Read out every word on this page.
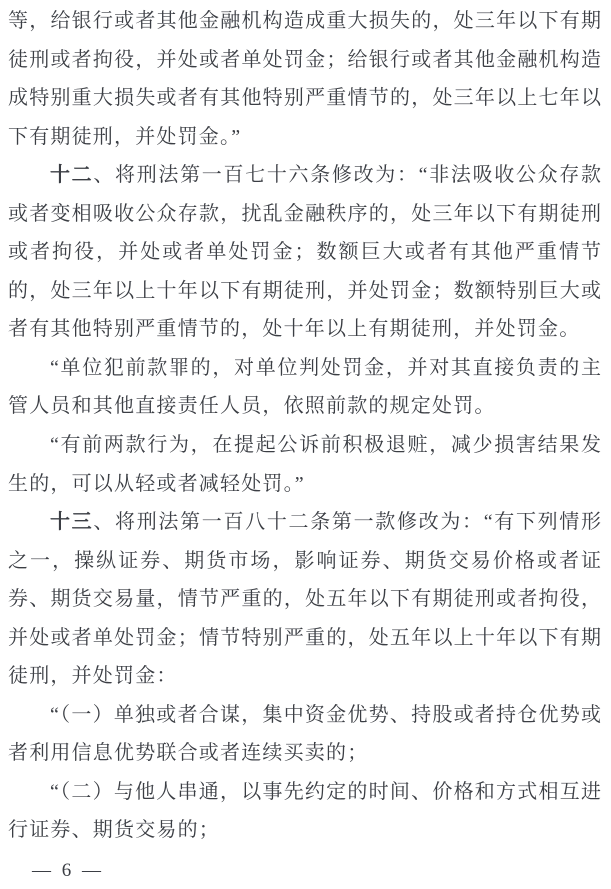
等，给银行或者其他金融机构造成重大损失的，处三年以下有期
徒刑或者拘役，并处或者单处罚金；给银行或者其他金融机构造
成特别重大损失或者有其他特别严重情节的，处三年以上七年以
下有期徒刑，并处罚金。”
十二、将刑法第一百七十六条修改为：“非法吸收公众存款
或者变相吸收公众存款，扰乱金融秩序的，处三年以下有期徒刑
或者拘役，并处或者单处罚金；数额巨大或者有其他严重情节
的，处三年以上十年以下有期徒刑，并处罚金；数额特别巨大或
者有其他特别严重情节的，处十年以上有期徒刑，并处罚金。
“单位犯前款罪的，对单位判处罚金，并对其直接负责的主
管人员和其他直接责任人员，依照前款的规定处罚。
“有前两款行为，在提起公诉前积极退赃，减少损害结果发
生的，可以从轻或者减轻处罚。”
十三、将刑法第一百八十二条第一款修改为：“有下列情形
之一，操纵证券、期货市场，影响证券、期货交易价格或者证
券、期货交易量，情节严重的，处五年以下有期徒刑或者拘役，
并处或者单处罚金；情节特别严重的，处五年以上十年以下有期
徒刑，并处罚金：
“（一）单独或者合谋，集中资金优势、持股或者持仓优势或
者利用信息优势联合或者连续买卖的；
“（二）与他人串通，以事先约定的时间、价格和方式相互进
行证券、期货交易的；
— 6 —
